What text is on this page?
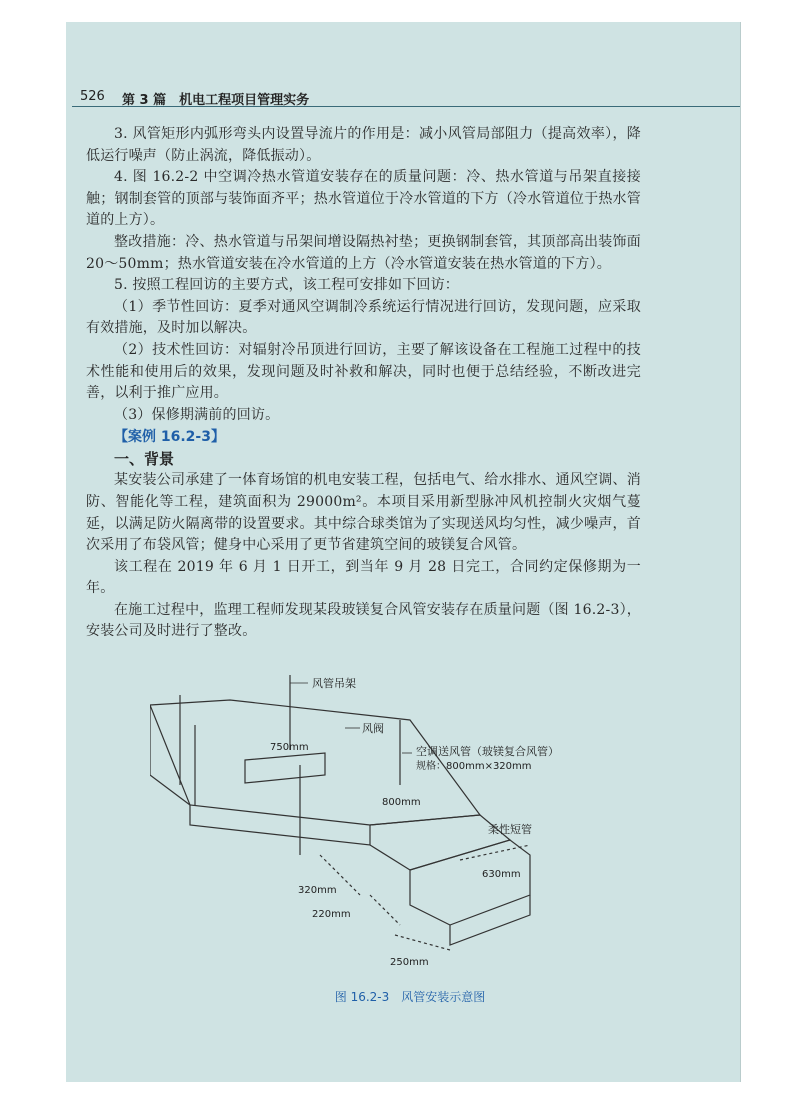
526 第 3 篇　机电工程项目管理实务

3. 风管矩形内弧形弯头内设置导流片的作用是：减小风管局部阻力（提高效率），降低运行噪声（防止涡流，降低振动）。

4. 图 16.2-2 中空调冷热水管道安装存在的质量问题：冷、热水管道与吊架直接接触；钢制套管的顶部与装饰面齐平；热水管道位于冷水管道的下方（冷水管道位于热水管道的上方）。

整改措施：冷、热水管道与吊架间增设隔热衬垫；更换钢制套管，其顶部高出装饰面 20～50mm；热水管道安装在冷水管道的上方（冷水管道安装在热水管道的下方）。

5. 按照工程回访的主要方式，该工程可安排如下回访：

（1）季节性回访：夏季对通风空调制冷系统运行情况进行回访，发现问题，应采取有效措施，及时加以解决。

（2）技术性回访：对辐射冷吊顶进行回访，主要了解该设备在工程施工过程中的技术性能和使用后的效果，发现问题及时补救和解决，同时也便于总结经验，不断改进完善，以利于推广应用。

（3）保修期满前的回访。

【案例 16.2-3】

一、背景

某安装公司承建了一体育场馆的机电安装工程，包括电气、给水排水、通风空调、消防、智能化等工程，建筑面积为 29000m²。本项目采用新型脉冲风机控制火灾烟气蔓延，以满足防火隔离带的设置要求。其中综合球类馆为了实现送风均匀性，减少噪声，首次采用了布袋风管；健身中心采用了更节省建筑空间的玻镁复合风管。

该工程在 2019 年 6 月 1 日开工，到当年 9 月 28 日完工，合同约定保修期为一年。

在施工过程中，监理工程师发现某段玻镁复合风管安装存在质量问题（图 16.2-3），安装公司及时进行了整改。

风管吊架
风阀
空调送风管（玻镁复合风管）
规格：800mm×320mm
柔性短管
750mm
800mm
630mm
320mm
220mm
250mm
图 16.2-3　风管安装示意图
